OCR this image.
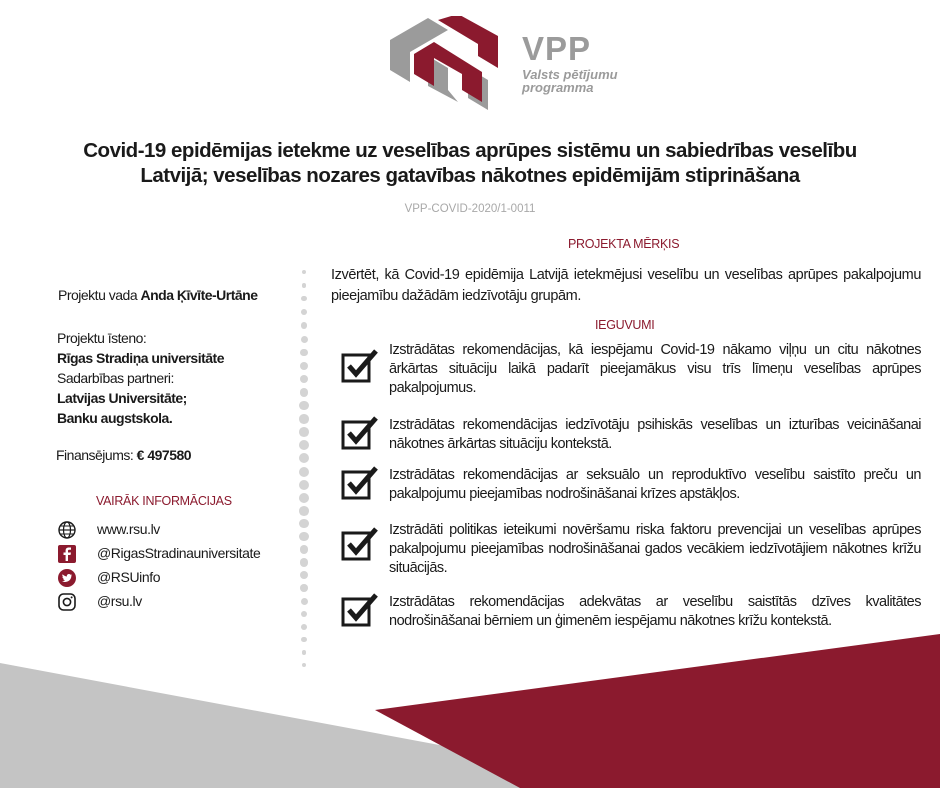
VPP
Valsts pētījumu
programma
Covid-19 epidēmijas ietekme uz veselības aprūpes sistēmu un sabiedrības veselību
Latvijā; veselības nozares gatavības nākotnes epidēmijām stiprināšana
VPP-COVID-2020/1-0011
Projektu vada Anda Ķīvīte-Urtāne
Projektu īsteno:
Rīgas Stradiņa universitāte
Sadarbības partneri:
Latvijas Universitāte;
Banku augstskola.
Finansējums: € 497580
VAIRĀK INFORMĀCIJAS
www.rsu.lv
@RigasStradinauniversitate
@RSUinfo
@rsu.lv
PROJEKTA MĒRĶIS
Izvērtēt, kā Covid-19 epidēmija Latvijā ietekmējusi veselību un veselības aprūpes pakalpojumu pieejamību dažādām iedzīvotāju grupām.
IEGUVUMI
Izstrādātas rekomendācijas, kā iespējamu Covid-19 nākamo viļņu un citu nākotnes ārkārtas situāciju laikā padarīt pieejamākus visu trīs līmeņu veselības aprūpes pakalpojumus.
Izstrādātas rekomendācijas iedzīvotāju psihiskās veselības un izturības veicināšanai nākotnes ārkārtas situāciju kontekstā.
Izstrādātas rekomendācijas ar seksuālo un reproduktīvo veselību saistīto preču un pakalpojumu pieejamības nodrošināšanai krīzes apstākļos.
Izstrādāti politikas ieteikumi novēršamu riska faktoru prevencijai un veselības aprūpes pakalpojumu pieejamības nodrošināšanai gados vecākiem iedzīvotājiem nākotnes krīžu situācijās.
Izstrādātas rekomendācijas adekvātas ar veselību saistītās dzīves kvalitātes nodrošināšanai bērniem un ģimenēm iespējamu nākotnes krīžu kontekstā.
